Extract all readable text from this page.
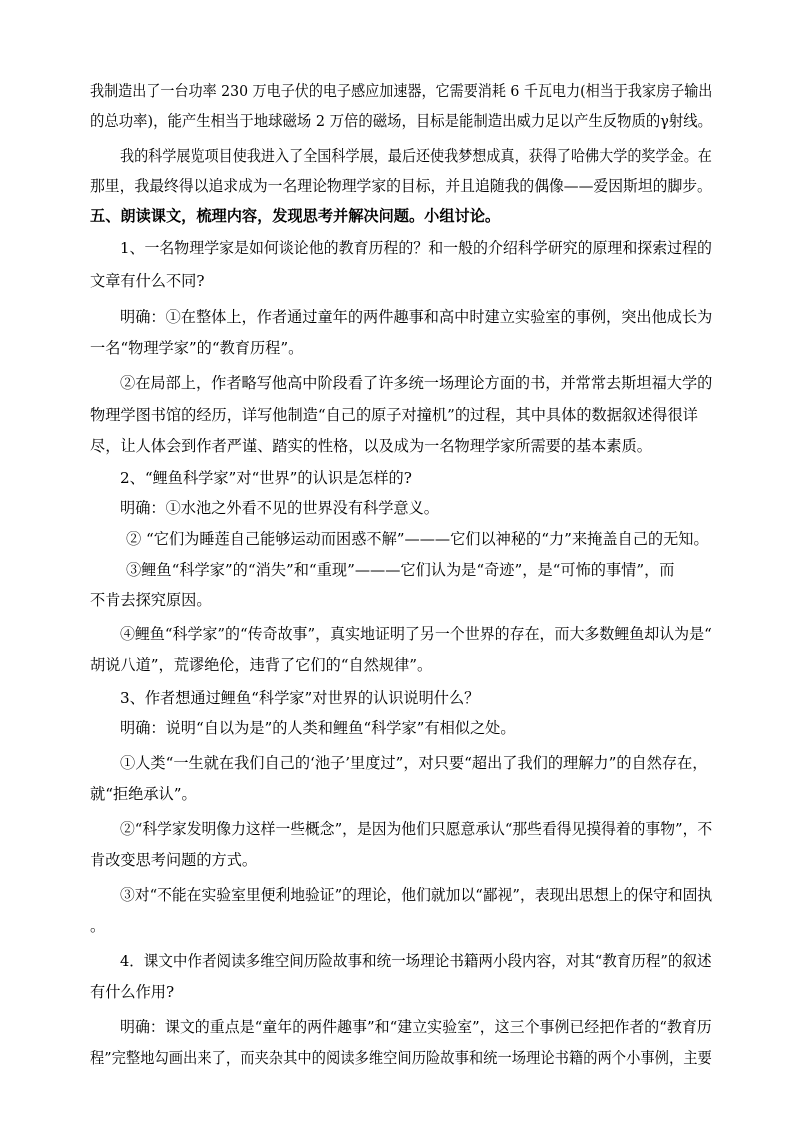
我制造出了一台功率 230 万电子伏的电子感应加速器，它需要消耗 6 千瓦电力(相当于我家房子输出
的总功率)，能产生相当于地球磁场 2 万倍的磁场，目标是能制造出威力足以产生反物质的γ射线。
我的科学展览项目使我进入了全国科学展，最后还使我梦想成真，获得了哈佛大学的奖学金。在
那里，我最终得以追求成为一名理论物理学家的目标，并且追随我的偶像——爱因斯坦的脚步。
五、朗读课文，梳理内容，发现思考并解决问题。小组讨论。
1、一名物理学家是如何谈论他的教育历程的？和一般的介绍科学研究的原理和探索过程的
文章有什么不同?
明确：①在整体上，作者通过童年的两件趣事和高中时建立实验室的事例，突出他成长为
一名“物理学家”的“教育历程”。
②在局部上，作者略写他高中阶段看了许多统一场理论方面的书，并常常去斯坦福大学的
物理学图书馆的经历，详写他制造“自己的原子对撞机”的过程，其中具体的数据叙述得很详
尽，让人体会到作者严谨、踏实的性格，以及成为一名物理学家所需要的基本素质。
2、“鲤鱼科学家”对“世界”的认识是怎样的?
明确：①水池之外看不见的世界没有科学意义。
② “它们为睡莲自己能够运动而困惑不解”———它们以神秘的“力”来掩盖自己的无知。
③鲤鱼“科学家”的“消失”和“重现”———它们认为是“奇迹”，是“可怖的事情”，而
不肯去探究原因。
④鲤鱼“科学家”的“传奇故事”，真实地证明了另一个世界的存在，而大多数鲤鱼却认为是“
胡说八道”，荒谬绝伦，违背了它们的“自然规律”。
3、作者想通过鲤鱼“科学家”对世界的认识说明什么？
明确：说明“自以为是”的人类和鲤鱼“科学家”有相似之处。
①人类“一生就在我们自己的‘池子’里度过”，对只要“超出了我们的理解力”的自然存在，
就“拒绝承认”。
②“科学家发明像力这样一些概念”，是因为他们只愿意承认“那些看得见摸得着的事物”，不
肯改变思考问题的方式。
③对“不能在实验室里便利地验证”的理论，他们就加以“鄙视”，表现出思想上的保守和固执
。
4．课文中作者阅读多维空间历险故事和统一场理论书籍两小段内容，对其“教育历程”的叙述
有什么作用?
明确：课文的重点是“童年的两件趣事”和“建立实验室”，这三个事例已经把作者的“教育历
程”完整地勾画出来了，而夹杂其中的阅读多维空间历险故事和统一场理论书籍的两个小事例，主要
